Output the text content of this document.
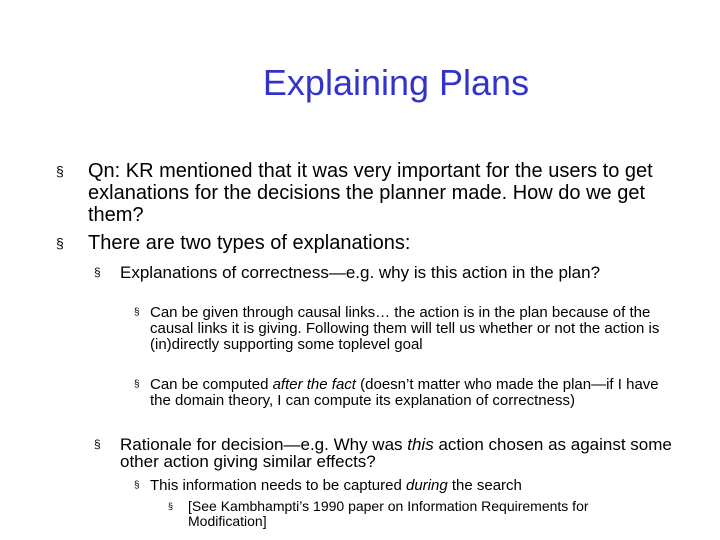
Explaining Plans
§	Qn: KR mentioned that it was very important for the users to get exlanations for the decisions the planner made. How do we get them?
§	There are two types of explanations:
§	Explanations of correctness—e.g. why is this action in the plan?
§ Can be given through causal links… the action is in the plan because of the causal links it is giving. Following them will tell us whether or not the action is (in)directly supporting some toplevel goal
§ Can be computed after the fact (doesn’t matter who made the plan—if I have the domain theory, I can compute its explanation of correctness)
§	Rationale for decision—e.g. Why was this action chosen as against some other action giving similar effects?
§ This information needs to be captured during the search
§	[See Kambhampti’s 1990 paper on Information Requirements for Modification]
